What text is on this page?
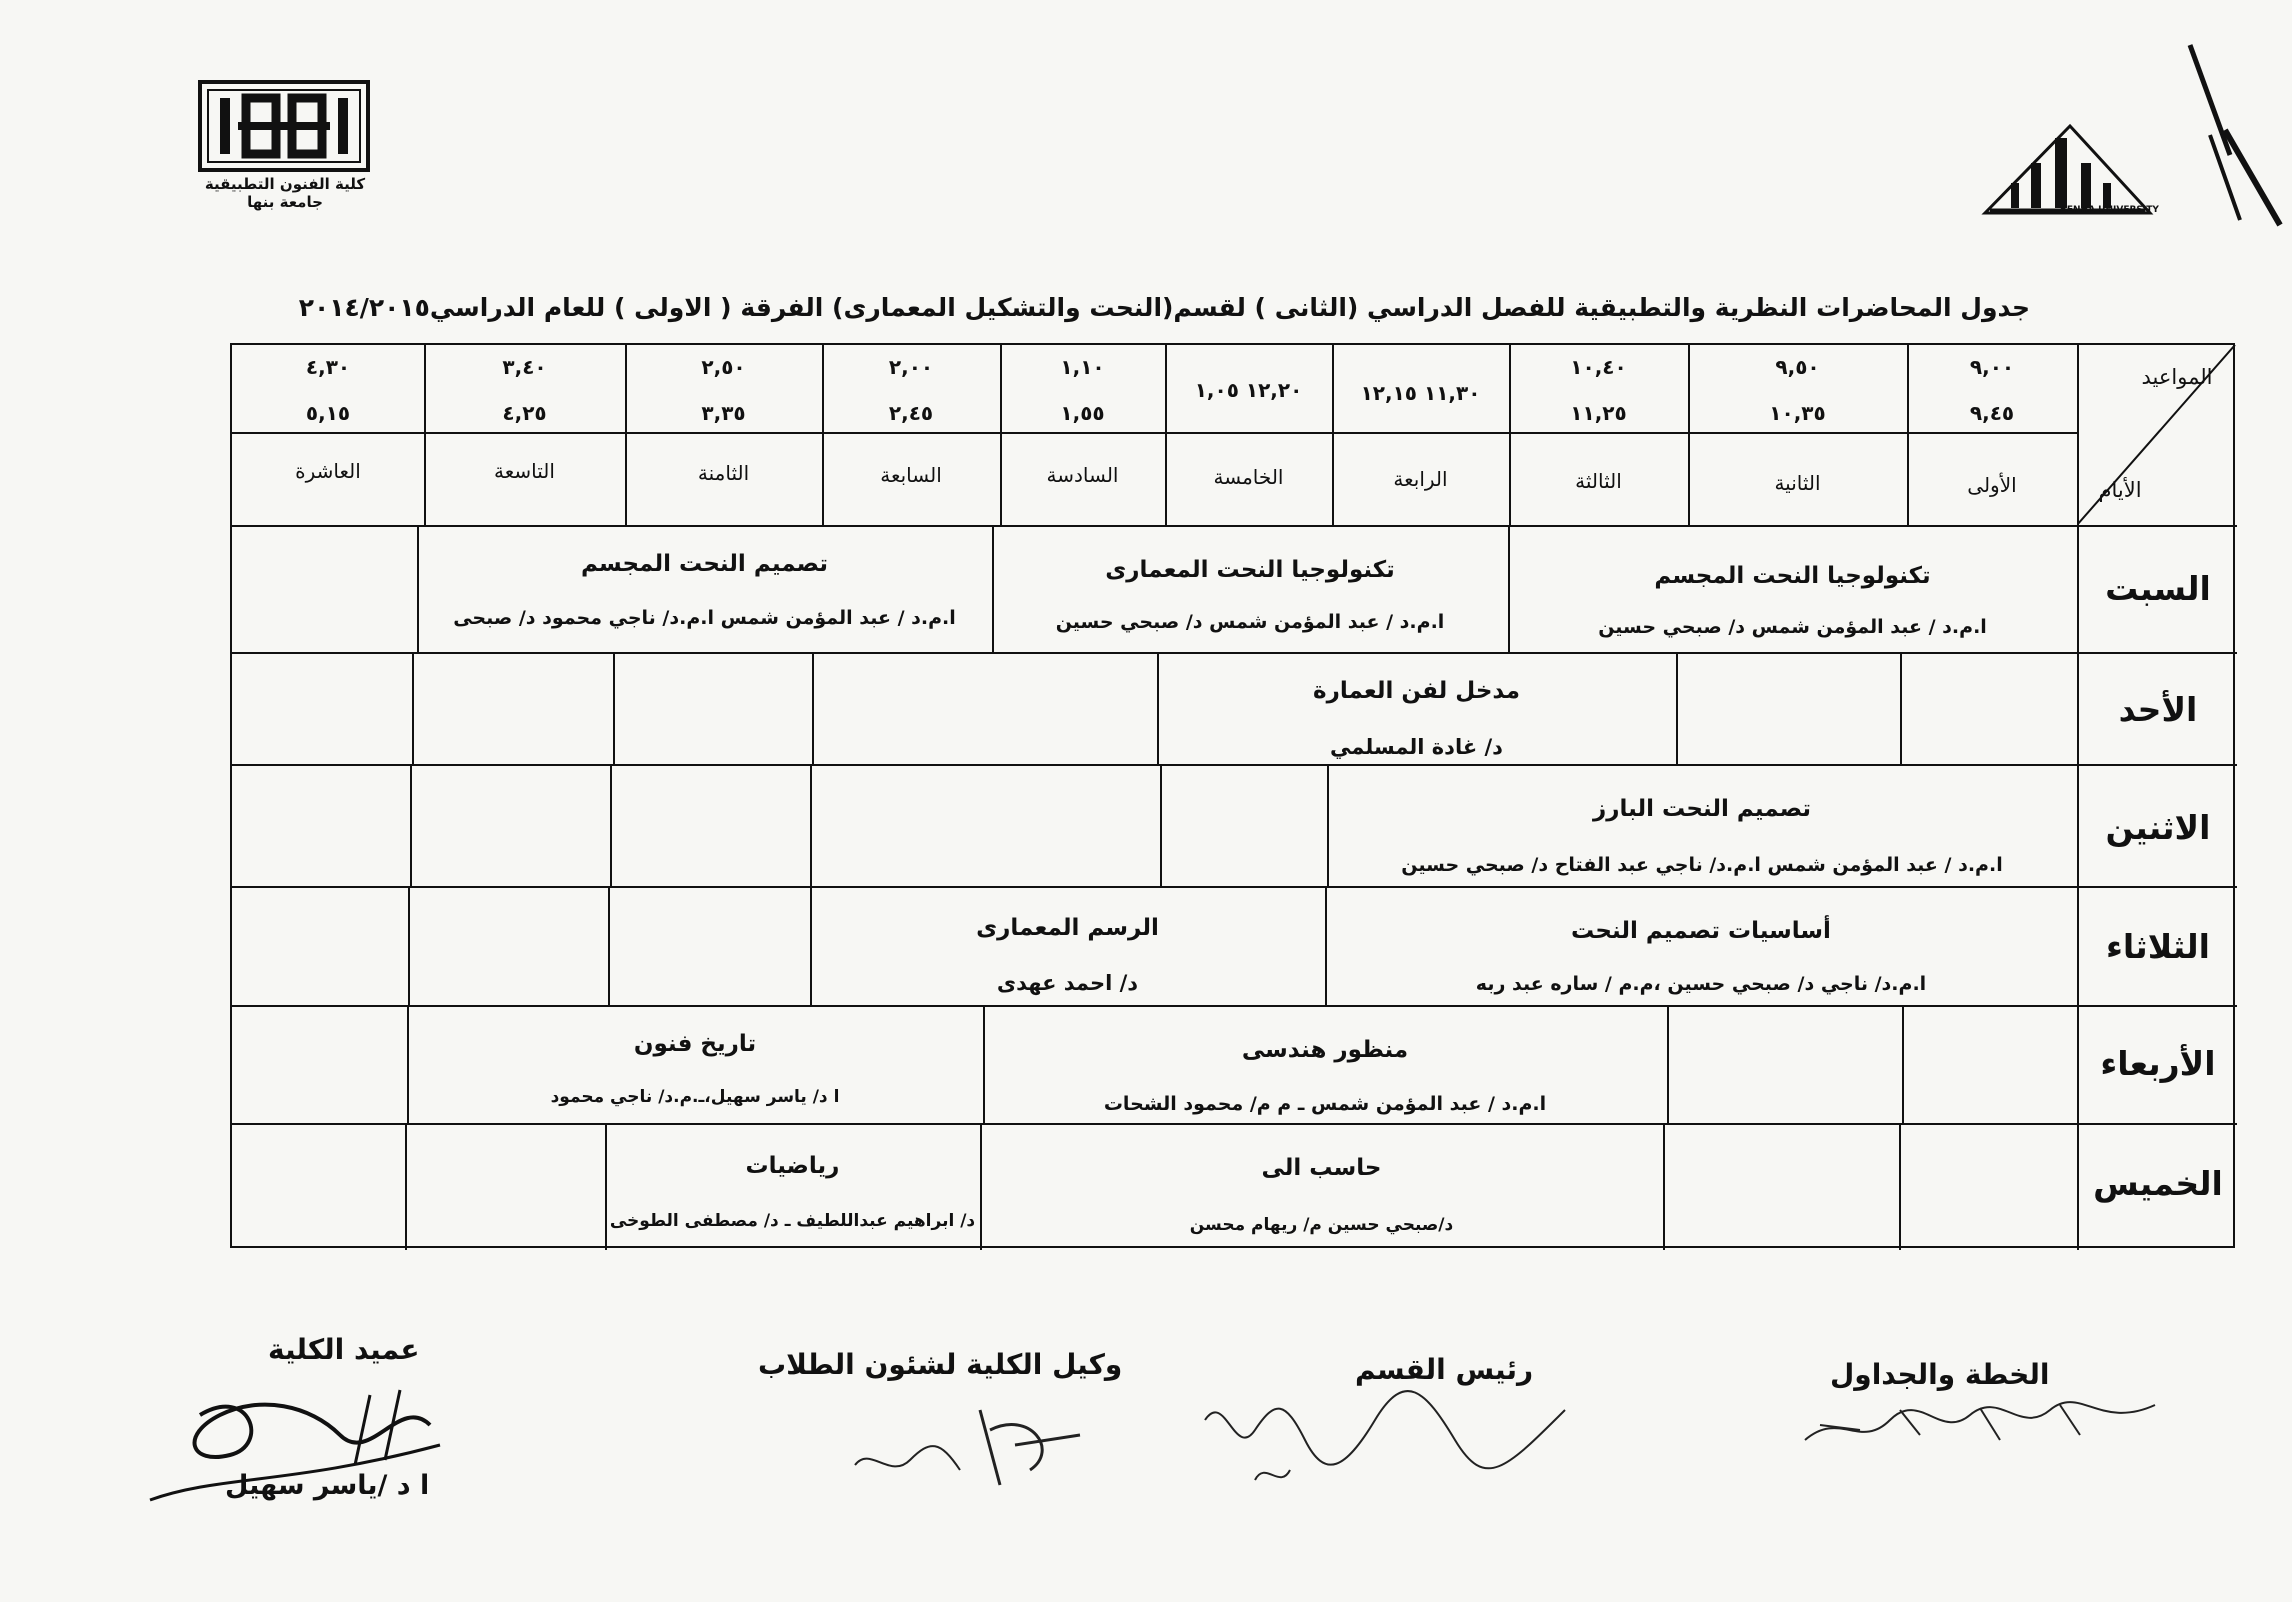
كلية الفنون التطبيقية
جامعة بنها	BENHA UNIVERSITY
جدول المحاضرات النظرية والتطبيقية للفصل الدراسي (الثانى ) لقسم(النحت والتشكيل المعمارى) الفرقة ( الاولى ) للعام الدراسي٢٠١٤/٢٠١٥
المواعيد
الأيام
٩,٠٠
٩,٤٥
٩,٥٠
١٠,٣٥
١٠,٤٠
١١,٢٥
١١,٣٠ ١٢,١٥
١٢,٢٠ ١,٠٥
١,١٠
١,٥٥
٢,٠٠
٢,٤٥
٢,٥٠
٣,٣٥
٣,٤٠
٤,٢٥
٤,٣٠
٥,١٥
الأولى
الثانية
الثالثة
الرابعة
الخامسة
السادسة
السابعة
الثامنة
التاسعة
العاشرة
السبت
الأحد
الاثنين
الثلاثاء
الأربعاء
الخميس
تكنولوجيا النحت المجسم
ا.م.د / عبد المؤمن شمس د/ صبحي حسين
تكنولوجيا النحت المعمارى
ا.م.د / عبد المؤمن شمس د/ صبحي حسين
تصميم النحت المجسم
ا.م.د / عبد المؤمن شمس ا.م.د/ ناجي محمود د/ صبحى
مدخل لفن العمارة
د/ غادة المسلمي
تصميم النحت البارز
ا.م.د / عبد المؤمن شمس ا.م.د/ ناجي عبد الفتاح د/ صبحي حسين
أساسيات تصميم النحت
ا.م.د/ ناجي د/ صبحي حسين ،م.م / ساره عبد ربه
الرسم المعمارى
د/ احمد عهدى
منظور هندسى
ا.م.د / عبد المؤمن شمس ـ م م/ محمود الشحات
تاريخ فنون
ا د/ ياسر سهيل،ـ.م.د/ ناجي محمود
حاسب الى
د/صبحي حسين م/ ريهام محسن
رياضيات
د/ ابراهيم عبداللطيف ـ د/ مصطفى الطوخى
الخطة والجداول
رئيس القسم
وكيل الكلية لشئون الطلاب
عميد الكلية
ا د /ياسر سهيل
